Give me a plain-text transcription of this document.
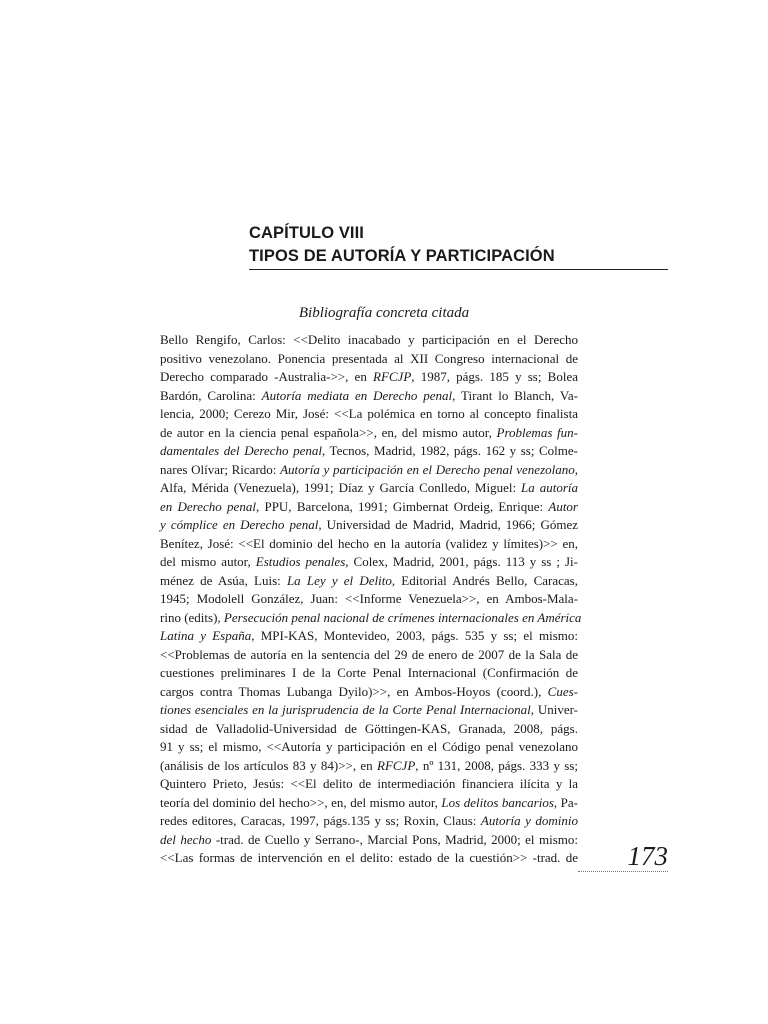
CAPÍTULO VIII
TIPOS DE AUTORÍA Y PARTICIPACIÓN
Bibliografía concreta citada
Bello Rengifo, Carlos: <<Delito inacabado y participación en el Derecho
positivo venezolano. Ponencia presentada al XII Congreso internacional de
Derecho comparado -Australia->>, en RFCJP, 1987, págs. 185 y ss; Bolea
Bardón, Carolina: Autoría mediata en Derecho penal, Tirant lo Blanch, Va-
lencia, 2000; Cerezo Mir, José: <<La polémica en torno al concepto finalista
de autor en la ciencia penal española>>, en, del mismo autor, Problemas fun-
damentales del Derecho penal, Tecnos, Madrid, 1982, págs. 162 y ss; Colme-
nares Olívar; Ricardo: Autoría y participación en el Derecho penal venezolano,
Alfa, Mérida (Venezuela), 1991; Díaz y García Conlledo, Miguel: La autoría
en Derecho penal, PPU, Barcelona, 1991; Gimbernat Ordeig, Enrique: Autor
y cómplice en Derecho penal, Universidad de Madrid, Madrid, 1966; Gómez
Benítez, José: <<El dominio del hecho en la autoría (validez y límites)>> en,
del mismo autor, Estudios penales, Colex, Madrid, 2001, págs. 113 y ss ; Ji-
ménez de Asúa, Luis: La Ley y el Delito, Editorial Andrés Bello, Caracas,
1945; Modolell González, Juan: <<Informe Venezuela>>, en Ambos-Mala-
rino (edits), Persecución penal nacional de crímenes internacionales en América
Latina y España, MPI-KAS, Montevideo, 2003, págs. 535 y ss; el mismo:
<<Problemas de autoría en la sentencia del 29 de enero de 2007 de la Sala de
cuestiones preliminares I de la Corte Penal Internacional (Confirmación de
cargos contra Thomas Lubanga Dyilo)>>, en Ambos-Hoyos (coord.), Cues-
tiones esenciales en la jurisprudencia de la Corte Penal Internacional, Univer-
sidad de Valladolid-Universidad de Göttingen-KAS, Granada, 2008, págs.
91 y ss; el mismo, <<Autoría y participación en el Código penal venezolano
(análisis de los artículos 83 y 84)>>, en RFCJP, nº 131, 2008, págs. 333 y ss;
Quintero Prieto, Jesús: <<El delito de intermediación financiera ilícita y la
teoría del dominio del hecho>>, en, del mismo autor, Los delitos bancarios, Pa-
redes editores, Caracas, 1997, págs.135 y ss; Roxin, Claus: Autoría y dominio
del hecho -trad. de Cuello y Serrano-, Marcial Pons, Madrid, 2000; el mismo:
<<Las formas de intervención en el delito: estado de la cuestión>> -trad. de	173
